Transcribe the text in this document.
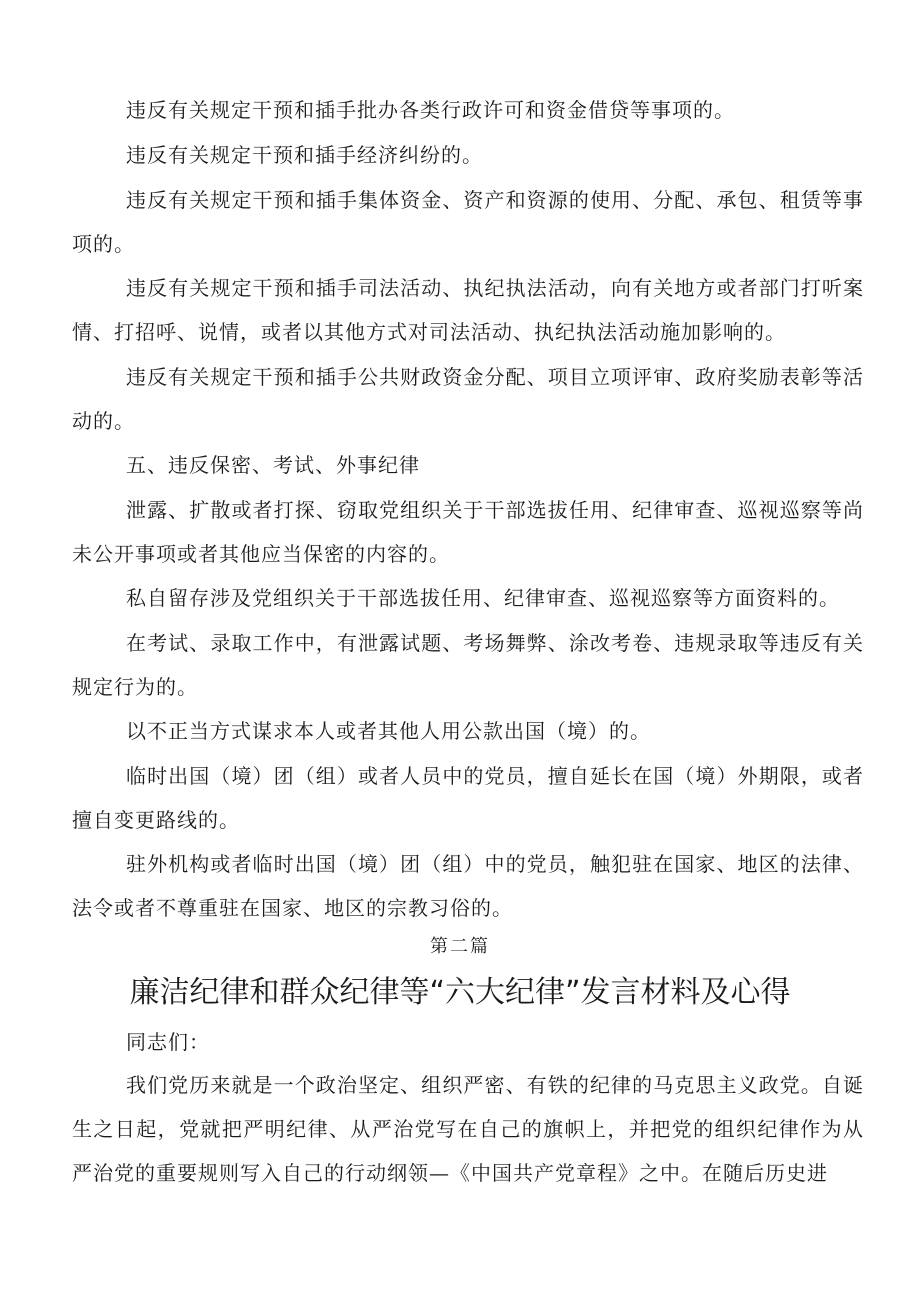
违反有关规定干预和插手批办各类行政许可和资金借贷等事项的。

违反有关规定干预和插手经济纠纷的。

违反有关规定干预和插手集体资金、资产和资源的使用、分配、承包、租赁等事项的。

违反有关规定干预和插手司法活动、执纪执法活动，向有关地方或者部门打听案情、打招呼、说情，或者以其他方式对司法活动、执纪执法活动施加影响的。

违反有关规定干预和插手公共财政资金分配、项目立项评审、政府奖励表彰等活动的。

五、违反保密、考试、外事纪律

泄露、扩散或者打探、窃取党组织关于干部选拔任用、纪律审查、巡视巡察等尚未公开事项或者其他应当保密的内容的。

私自留存涉及党组织关于干部选拔任用、纪律审查、巡视巡察等方面资料的。

在考试、录取工作中，有泄露试题、考场舞弊、涂改考卷、违规录取等违反有关规定行为的。

以不正当方式谋求本人或者其他人用公款出国（境）的。

临时出国（境）团（组）或者人员中的党员，擅自延长在国（境）外期限，或者擅自变更路线的。

驻外机构或者临时出国（境）团（组）中的党员，触犯驻在国家、地区的法律、法令或者不尊重驻在国家、地区的宗教习俗的。

第二篇
廉洁纪律和群众纪律等“六大纪律”发言材料及心得

同志们：

我们党历来就是一个政治坚定、组织严密、有铁的纪律的马克思主义政党。自诞生之日起，党就把严明纪律、从严治党写在自己的旗帜上，并把党的组织纪律作为从严治党的重要规则写入自己的行动纲领—《中国共产党章程》之中。在随后历史进
